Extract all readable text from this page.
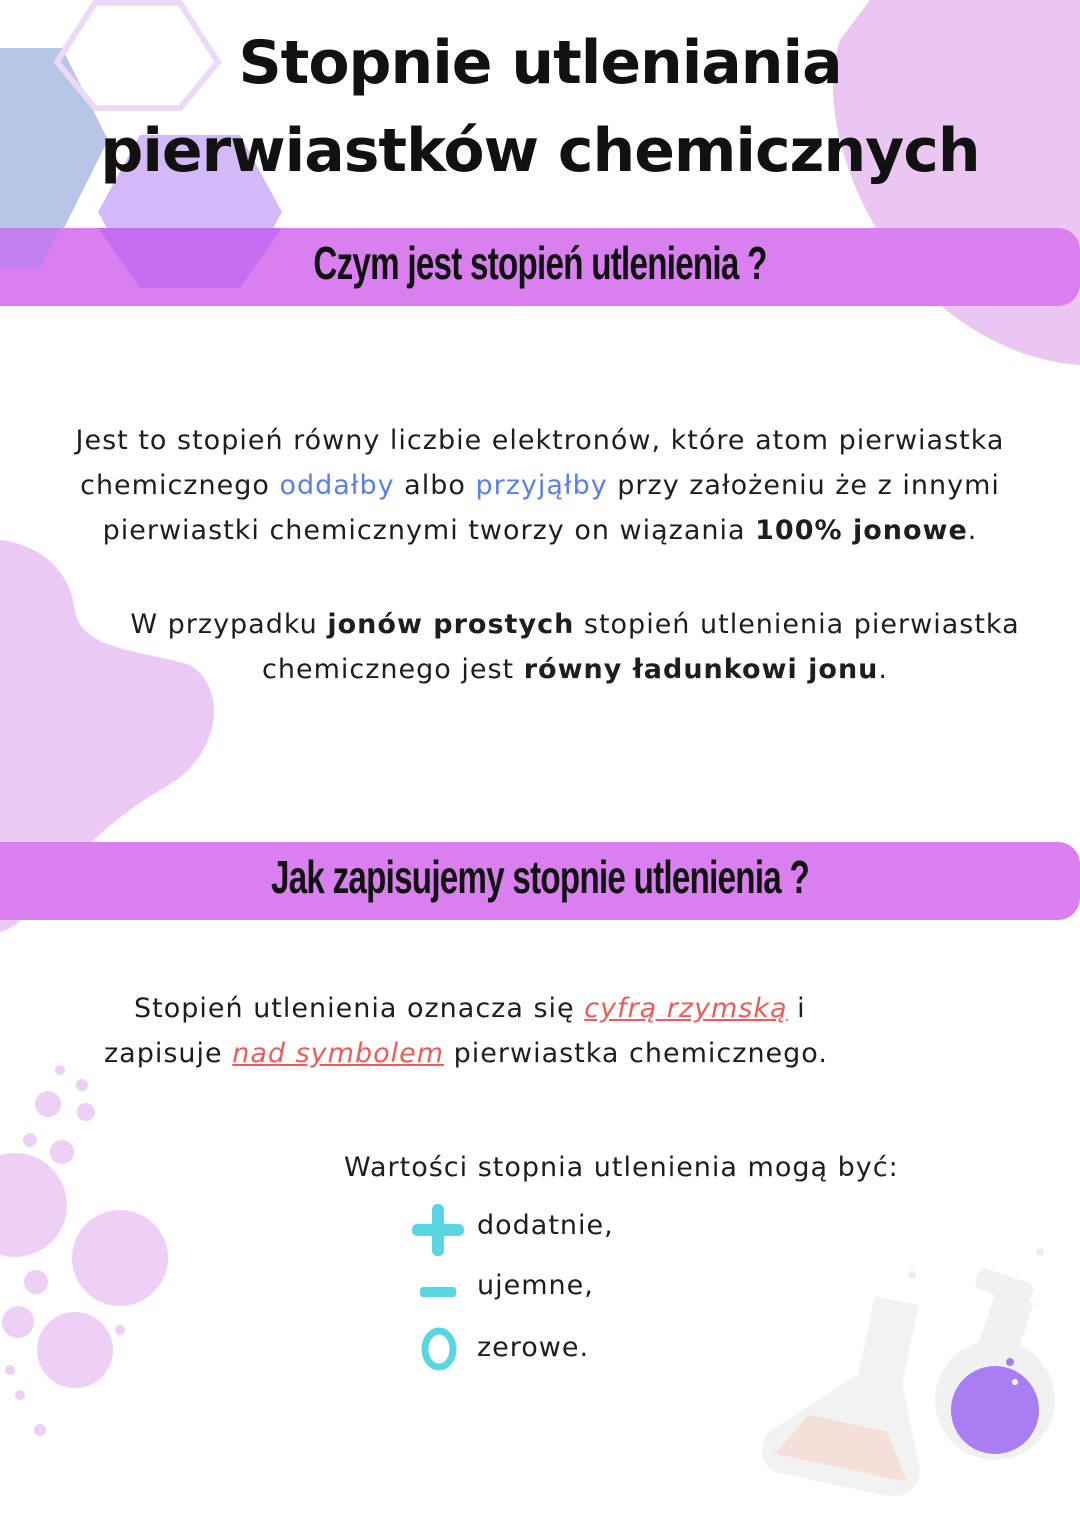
Stopnie utleniania
pierwiastków chemicznych
Czym jest stopień utlenienia ?
Jest to stopień równy liczbie elektronów, które atom pierwiastka
chemicznego oddałby albo przyjąłby przy założeniu że z innymi
pierwiastki chemicznymi tworzy on wiązania 100% jonowe.
W przypadku jonów prostych stopień utlenienia pierwiastka
chemicznego jest równy ładunkowi jonu.
Jak zapisujemy stopnie utlenienia ?
Stopień utlenienia oznacza się cyfrą rzymską i
zapisuje nad symbolem pierwiastka chemicznego.
Wartości stopnia utlenienia mogą być:
dodatnie,
ujemne,
zerowe.
